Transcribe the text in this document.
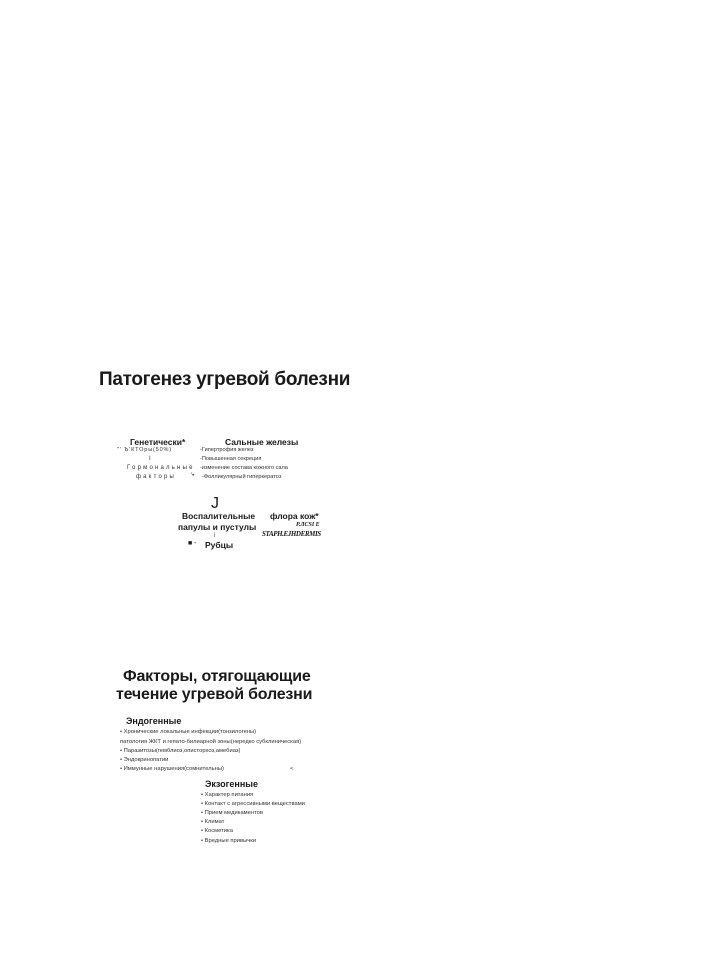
Патогенез угревой болезни
Генетически*
"' Ъ'КТОры(50%)
I
Гормональные
факторы '•
Сальные железы
-Гипертрофия желез
-Повышенная секреция
-изменение состава кожного сала
-Фолликулярный гиперкератоз
J
Воспалительные
папулы и пустулы
i
■ - Рубцы
флора кож*
P.ЛCSI E
STAPH.EJHDERMIS
Факторы, отягощающие
течение угревой болезни
Эндогенные
• Хронические локальные инфекции(тонзилогены)
патология ЖКТ и гепато-билиарной зоны(нередко субклиническая)
• Паразитозы(гемблиоз,описторхоз,амебиаз)
• Эндокринопатии
• Иммунные нарушения(сомнительны)	<
Экзогенные
• Характер питания
• Контакт с агрессивными веществами
• Прием медикаментов
• Климат
• Косметика
• Вредные привычки
